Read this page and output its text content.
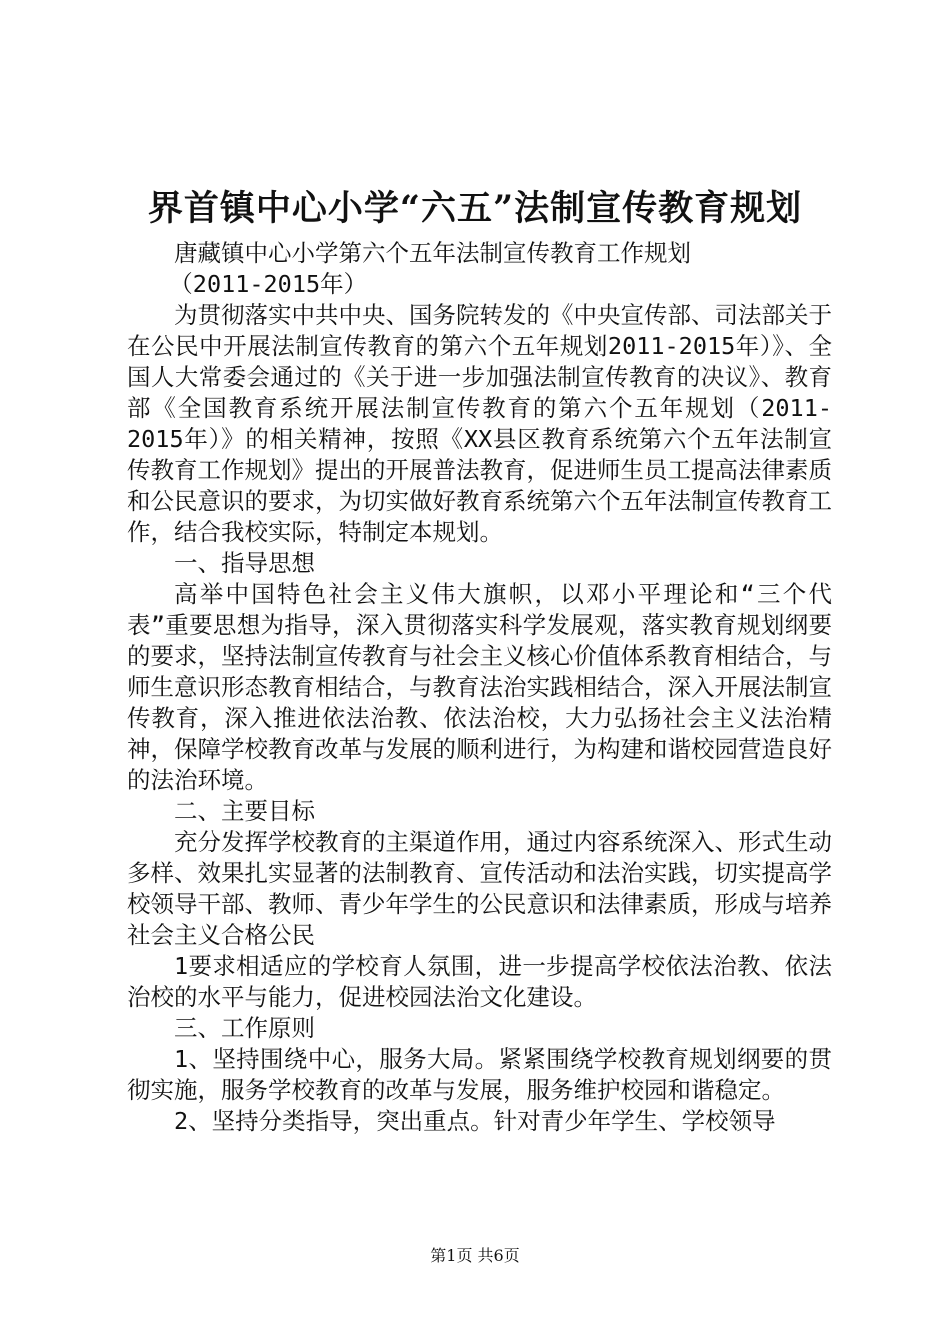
界首镇中心小学“六五”法制宣传教育规划

唐藏镇中心小学第六个五年法制宣传教育工作规划

（2011-2015年）

为贯彻落实中共中央、国务院转发的《中央宣传部、司法部关于在公民中开展法制宣传教育的第六个五年规划2011-2015年）》、全国人大常委会通过的《关于进一步加强法制宣传教育的决议》、教育部《全国教育系统开展法制宣传教育的第六个五年规划（2011-2015年）》的相关精神，按照《XX县区教育系统第六个五年法制宣传教育工作规划》提出的开展普法教育，促进师生员工提高法律素质和公民意识的要求，为切实做好教育系统第六个五年法制宣传教育工作，结合我校实际，特制定本规划。

一、指导思想

高举中国特色社会主义伟大旗帜，以邓小平理论和“三个代表”重要思想为指导，深入贯彻落实科学发展观，落实教育规划纲要的要求，坚持法制宣传教育与社会主义核心价值体系教育相结合，与师生意识形态教育相结合，与教育法治实践相结合，深入开展法制宣传教育，深入推进依法治教、依法治校，大力弘扬社会主义法治精神，保障学校教育改革与发展的顺利进行，为构建和谐校园营造良好的法治环境。

二、主要目标

充分发挥学校教育的主渠道作用，通过内容系统深入、形式生动多样、效果扎实显著的法制教育、宣传活动和法治实践，切实提高学校领导干部、教师、青少年学生的公民意识和法律素质，形成与培养社会主义合格公民

1要求相适应的学校育人氛围，进一步提高学校依法治教、依法治校的水平与能力，促进校园法治文化建设。

三、工作原则

1、坚持围绕中心，服务大局。紧紧围绕学校教育规划纲要的贯彻实施，服务学校教育的改革与发展，服务维护校园和谐稳定。

2、坚持分类指导，突出重点。针对青少年学生、学校领导

第1页 共6页
